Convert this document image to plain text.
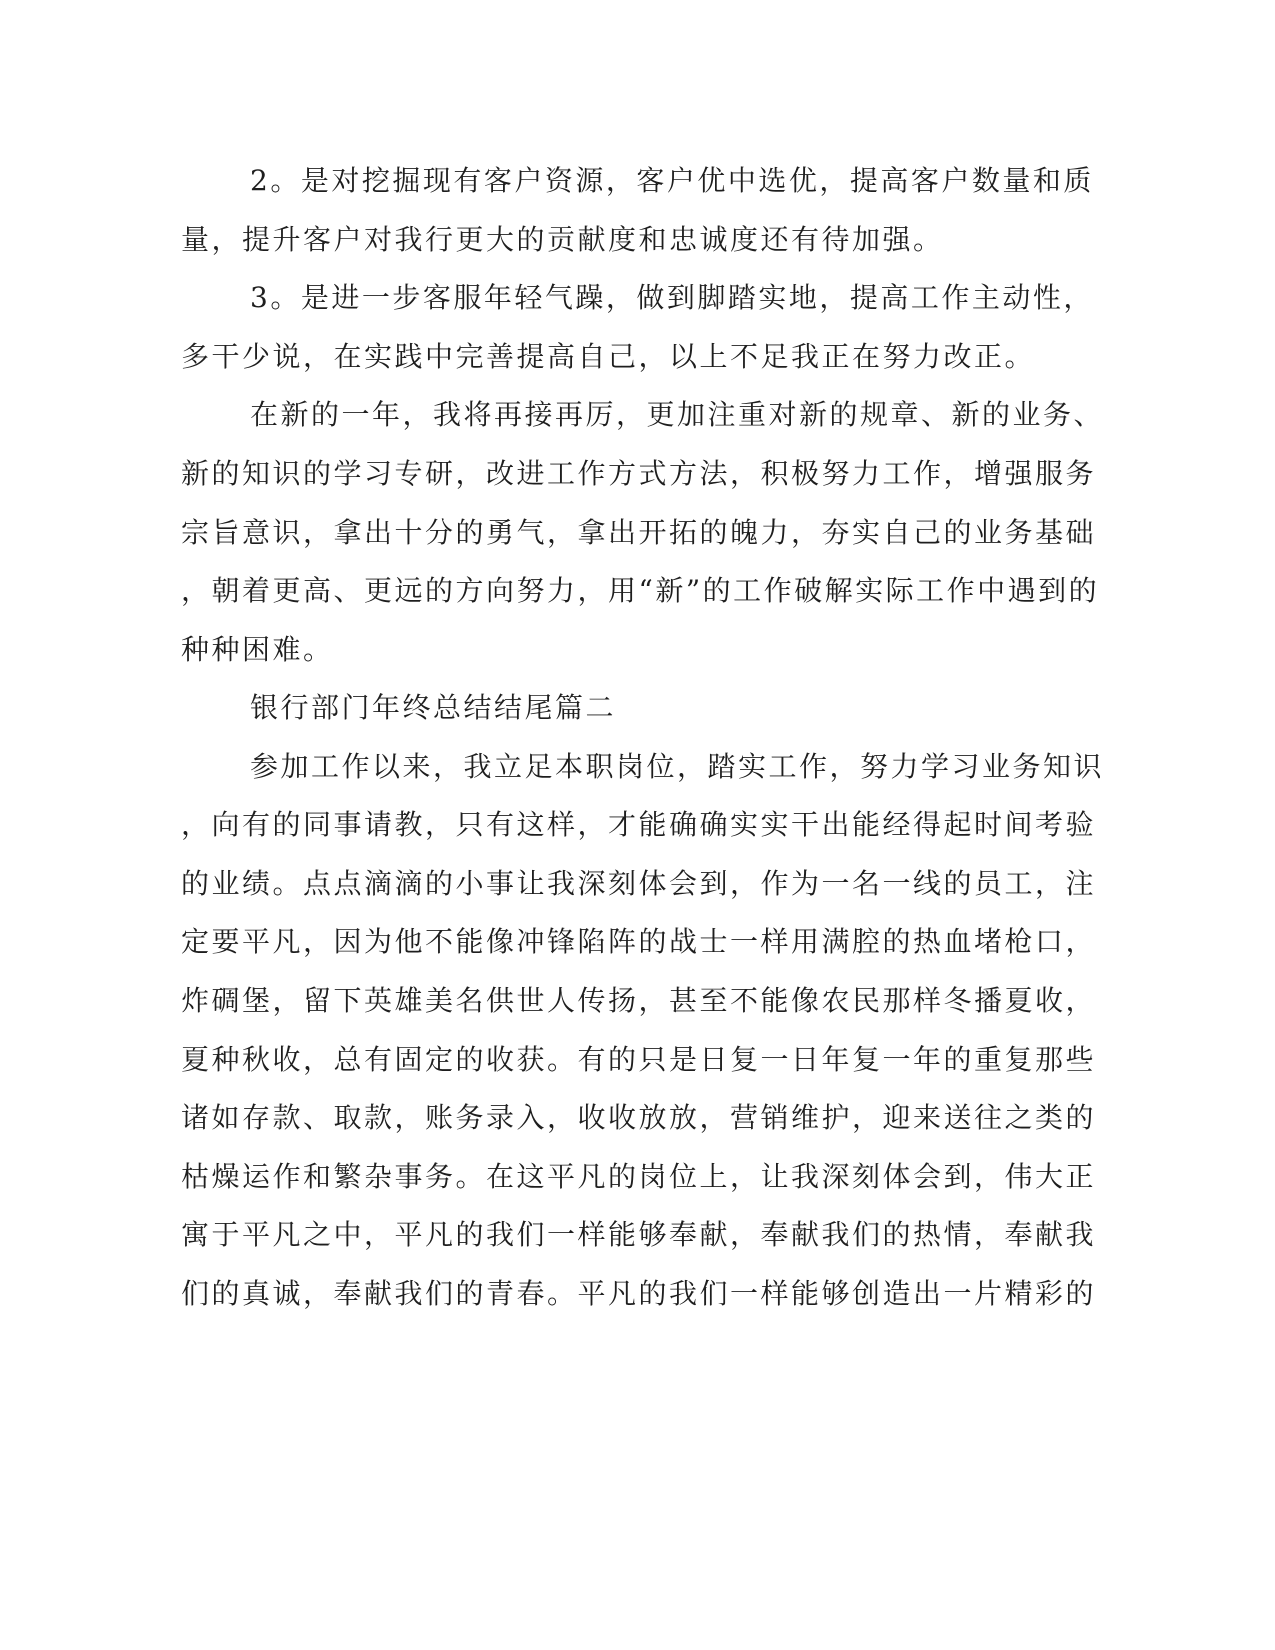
2。是对挖掘现有客户资源，客户优中选优，提高客户数量和质
量，提升客户对我行更大的贡献度和忠诚度还有待加强。
3。是进一步客服年轻气躁，做到脚踏实地，提高工作主动性，
多干少说，在实践中完善提高自己，以上不足我正在努力改正。
在新的一年，我将再接再厉，更加注重对新的规章、新的业务、
新的知识的学习专研，改进工作方式方法，积极努力工作，增强服务
宗旨意识，拿出十分的勇气，拿出开拓的魄力，夯实自己的业务基础
，朝着更高、更远的方向努力，用“新”的工作破解实际工作中遇到的
种种困难。
银行部门年终总结结尾篇二
参加工作以来，我立足本职岗位，踏实工作，努力学习业务知识
，向有的同事请教，只有这样，才能确确实实干出能经得起时间考验
的业绩。点点滴滴的小事让我深刻体会到，作为一名一线的员工，注
定要平凡，因为他不能像冲锋陷阵的战士一样用满腔的热血堵枪口，
炸碉堡，留下英雄美名供世人传扬，甚至不能像农民那样冬播夏收，
夏种秋收，总有固定的收获。有的只是日复一日年复一年的重复那些
诸如存款、取款，账务录入，收收放放，营销维护，迎来送往之类的
枯燥运作和繁杂事务。在这平凡的岗位上，让我深刻体会到，伟大正
寓于平凡之中，平凡的我们一样能够奉献，奉献我们的热情，奉献我
们的真诚，奉献我们的青春。平凡的我们一样能够创造出一片精彩的
